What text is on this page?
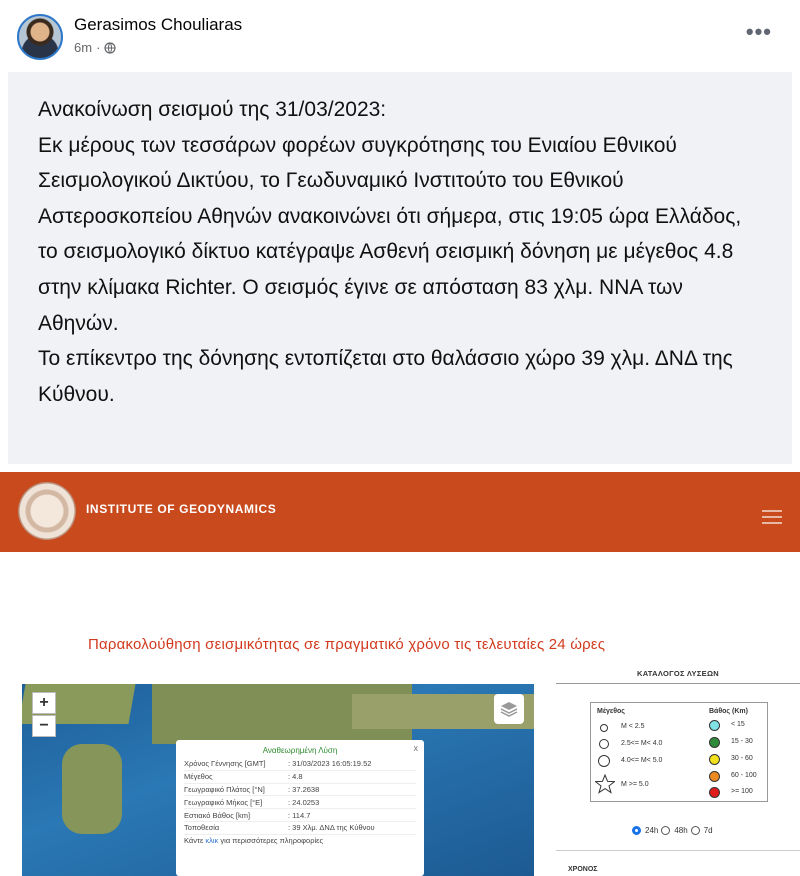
Gerasimos Chouliaras
6m ·
•••

Ανακοίνωση σεισμού της 31/03/2023:

Εκ μέρους των τεσσάρων φορέων συγκρότησης του Ενιαίου Εθνικού Σεισμολογικού Δικτύου, το Γεωδυναμικό Ινστιτούτο του Εθνικού Αστεροσκοπείου Αθηνών ανακοινώνει ότι σήμερα, στις 19:05 ώρα Ελλάδος, το σεισμολογικό δίκτυο κατέγραψε Ασθενή σεισμική δόνηση με μέγεθος 4.8 στην κλίμακα Richter. Ο σεισμός έγινε σε απόσταση 83 χλμ. ΝΝΑ των Αθηνών.

Το επίκεντρο της δόνησης εντοπίζεται στο θαλάσσιο χώρο 39 χλμ. ΔΝΔ της Κύθνου.

INSTITUTE OF GEODYNAMICS
Παρακολούθηση σεισμικότητας σε πραγματικό χρόνο τις τελευταίες 24 ώρες
+
−
x
Αναθεωρημένη Λύση
Χρόνος Γέννησης [GMT]	: 31/03/2023 16:05:19.52
Μέγεθος	: 4.8
Γεωγραφικό Πλάτος [°N]	: 37.2638
Γεωγραφικό Μήκος [°E]	: 24.0253
Εστιακό Βάθος [km]	: 114.7
Τοποθεσία	: 39 Χλμ. ΔΝΔ της Κύθνου
Κάντε κλικ για περισσότερες πληροφορίες
ΚΑΤΑΛΟΓΟΣ ΛΥΣΕΩΝ
Μέγεθος	Βάθος (Km)
M < 2.5
2.5<= M< 4.0
4.0<= M< 5.0
M >= 5.0
< 15
15 - 30
30 - 60
60 - 100
>= 100
24h 48h 7d
ΧΡΟΝΟΣ
